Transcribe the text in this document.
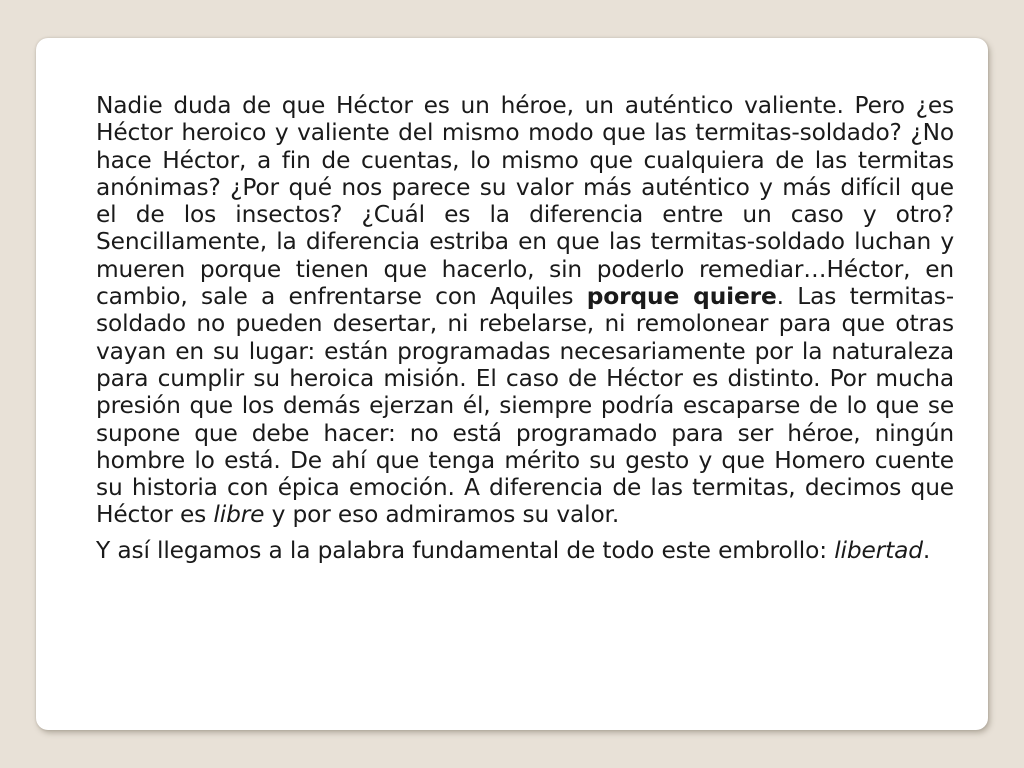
Nadie duda de que Héctor es un héroe, un auténtico valiente. Pero ¿es Héctor heroico y valiente del mismo modo que las termitas-soldado? ¿No hace Héctor, a fin de cuentas, lo mismo que cualquiera de las termitas anónimas? ¿Por qué nos parece su valor más auténtico y más difícil que el de los insectos? ¿Cuál es la diferencia entre un caso y otro? Sencillamente, la diferencia estriba en que las termitas-soldado luchan y mueren porque tienen que hacerlo, sin poderlo remediar…Héctor, en cambio, sale a enfrentarse con Aquiles porque quiere. Las termitas-soldado no pueden desertar, ni rebelarse, ni remolonear para que otras vayan en su lugar: están programadas necesariamente por la naturaleza para cumplir su heroica misión. El caso de Héctor es distinto. Por mucha presión que los demás ejerzan él, siempre podría escaparse de lo que se supone que debe hacer: no está programado para ser héroe, ningún hombre lo está. De ahí que tenga mérito su gesto y que Homero cuente su historia con épica emoción. A diferencia de las termitas, decimos que Héctor es libre y por eso admiramos su valor.

Y así llegamos a la palabra fundamental de todo este embrollo: libertad.
